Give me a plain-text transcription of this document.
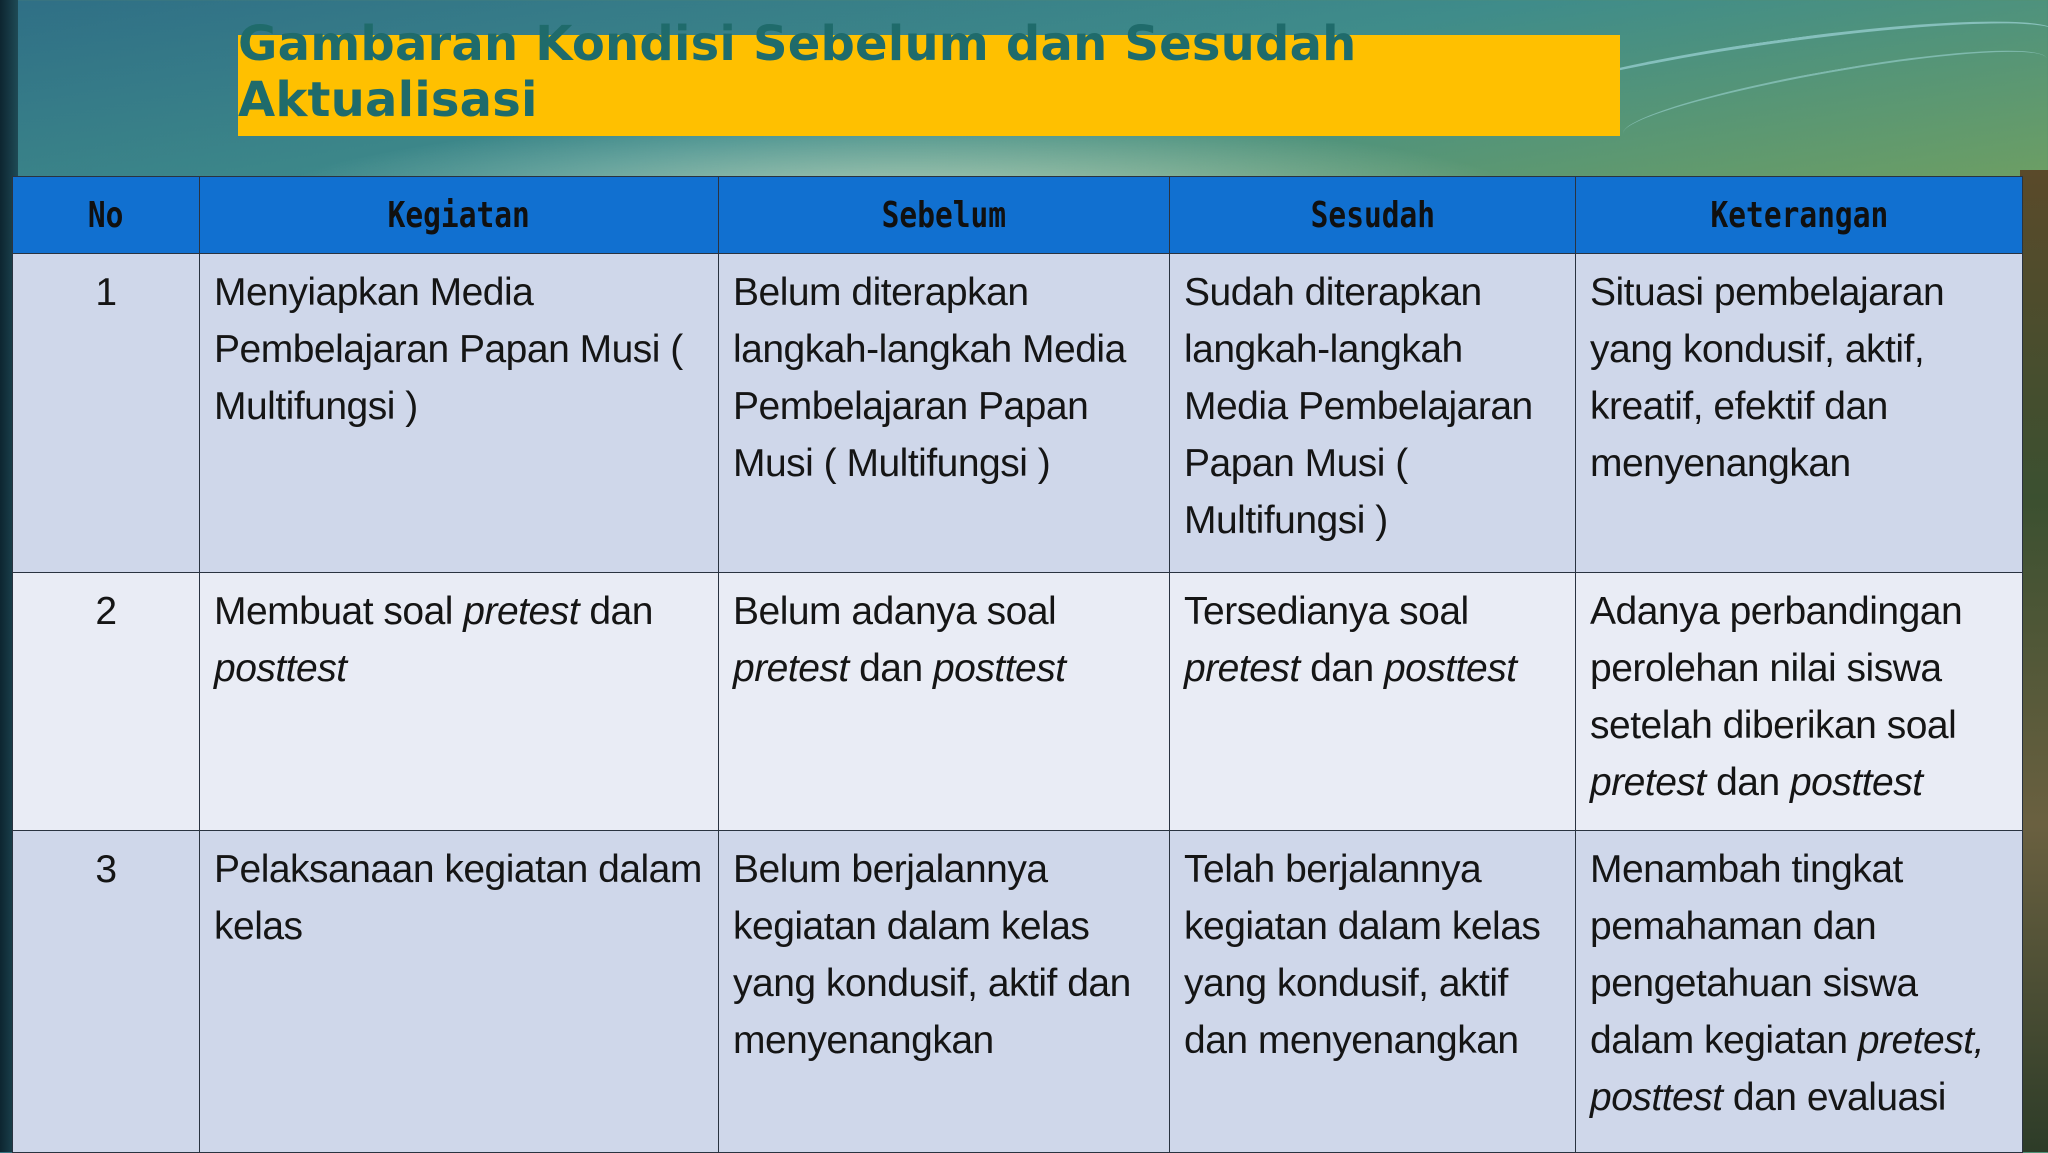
Gambaran Kondisi Sebelum dan Sesudah Aktualisasi
No	Kegiatan	Sebelum	Sesudah	Keterangan
1	Menyiapkan Media Pembelajaran Papan Musi ( Multifungsi )	Belum diterapkan langkah-langkah Media Pembelajaran Papan Musi ( Multifungsi )	Sudah diterapkan langkah-langkah Media Pembelajaran Papan Musi ( Multifungsi )	Situasi pembelajaran yang kondusif, aktif, kreatif, efektif dan menyenangkan
2	Membuat soal pretest dan posttest	Belum adanya soal pretest dan posttest	Tersedianya soal pretest dan posttest	Adanya perbandingan perolehan nilai siswa setelah diberikan soal pretest dan posttest
3	Pelaksanaan kegiatan dalam kelas	Belum berjalannya kegiatan dalam kelas yang kondusif, aktif dan menyenangkan	Telah berjalannya kegiatan dalam kelas yang kondusif, aktif dan menyenangkan	Menambah tingkat pemahaman dan pengetahuan siswa dalam kegiatan pretest, posttest dan evaluasi
